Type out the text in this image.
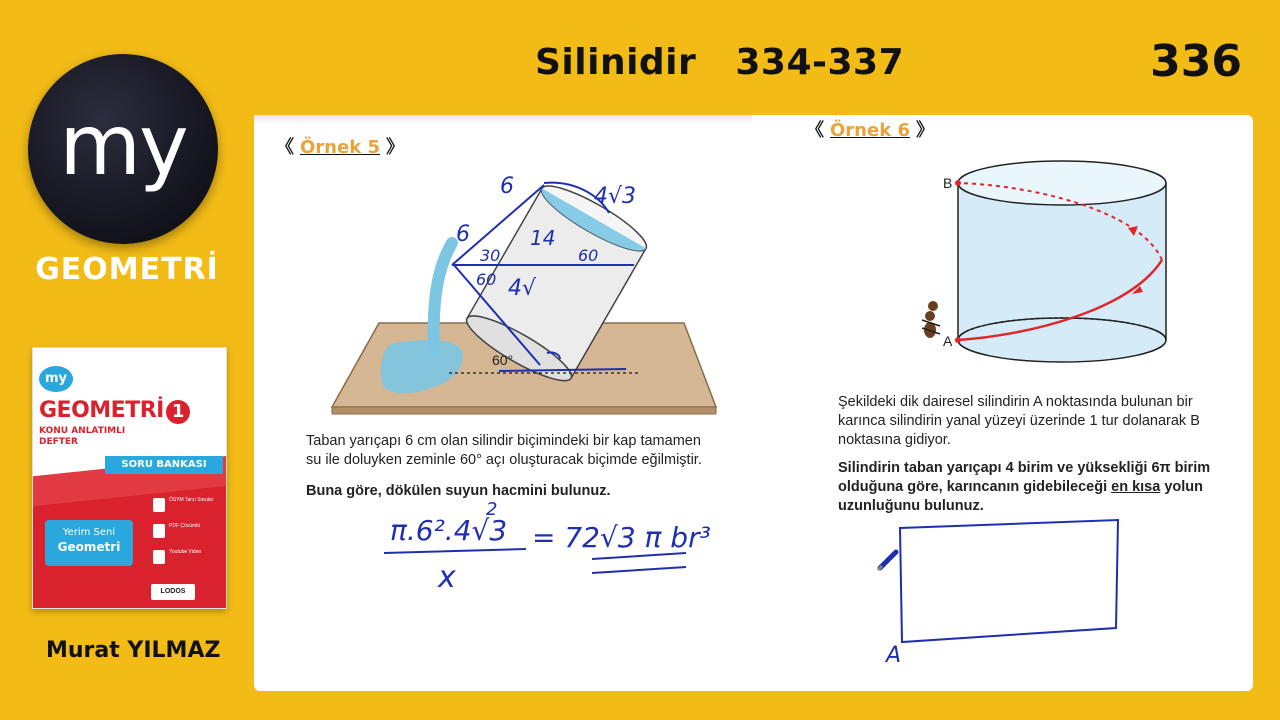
Silinidir   334-337	336
my
GEOMETRİ
my
GEOMETRİ 1
KONU ANLATIMLI
DEFTER
SORU BANKASI
Yerim Seni
Geometri
ÖSYM Tarzı Sorular
PDF Çözümlü
Youtube Video
LODOS
Murat YILMAZ
《 Örnek 5 》
60°
6
6
4√3
30
14
60
60
4√
Taban yarıçapı 6 cm olan silindir biçimindeki bir kap tamamen
su ile doluyken zeminle 60° açı oluşturacak biçimde eğilmiştir.
Buna göre, dökülen suyun hacmini bulunuz.
π.6².4√3
2
x
= 72√3 π br³
《 Örnek 6 》
B
A
Şekildeki dik dairesel silindirin A noktasında bulunan bir
karınca silindirin yanal yüzeyi üzerinde 1 tur dolanarak B
noktasına gidiyor.
Silindirin taban yarıçapı 4 birim ve yüksekliği 6π birim
olduğuna göre, karıncanın gidebileceği en kısa yolun
uzunluğunu bulunuz.
A
